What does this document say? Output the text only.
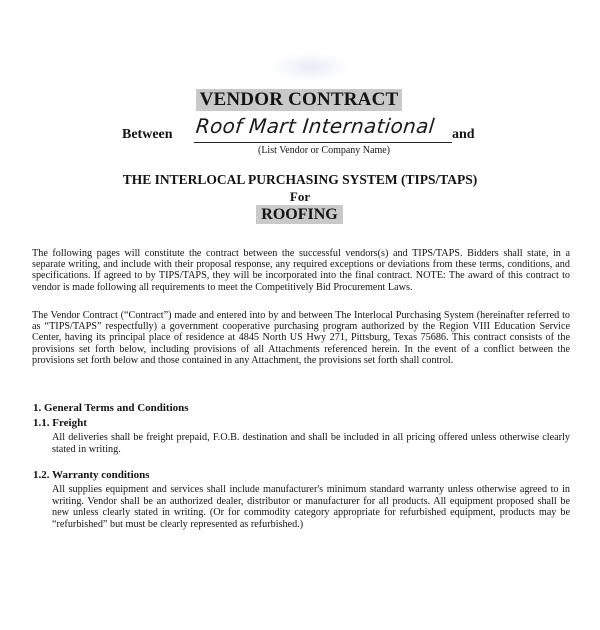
VENDOR CONTRACT
Between Roof Mart International	and
(List Vendor or Company Name)
THE INTERLOCAL PURCHASING SYSTEM (TIPS/TAPS)
For
ROOFING
The following pages will constitute the contract between the successful vendors(s) and TIPS/TAPS. Bidders shall state, in a separate writing, and include with their proposal response, any required exceptions or deviations from these terms, conditions, and specifications. If agreed to by TIPS/TAPS, they will be incorporated into the final contract. NOTE: The award of this contract to vendor is made following all requirements to meet the Competitively Bid Procurement Laws.
The Vendor Contract (“Contract”) made and entered into by and between The Interlocal Purchasing System (hereinafter referred to as “TIPS/TAPS” respectfully) a government cooperative purchasing program authorized by the Region VIII Education Service Center, having its principal place of residence at 4845 North US Hwy 271, Pittsburg, Texas 75686. This contract consists of the provisions set forth below, including provisions of all Attachments referenced herein. In the event of a conflict between the provisions set forth below and those contained in any Attachment, the provisions set forth shall control.
1. General Terms and Conditions
1.1. Freight
All deliveries shall be freight prepaid, F.O.B. destination and shall be included in all pricing offered unless otherwise clearly stated in writing.
1.2. Warranty conditions
All supplies equipment and services shall include manufacturer's minimum standard warranty unless otherwise agreed to in writing. Vendor shall be an authorized dealer, distributor or manufacturer for all products. All equipment proposed shall be new unless clearly stated in writing. (Or for commodity category appropriate for refurbished equipment, products may be “refurbished” but must be clearly represented as refurbished.)
